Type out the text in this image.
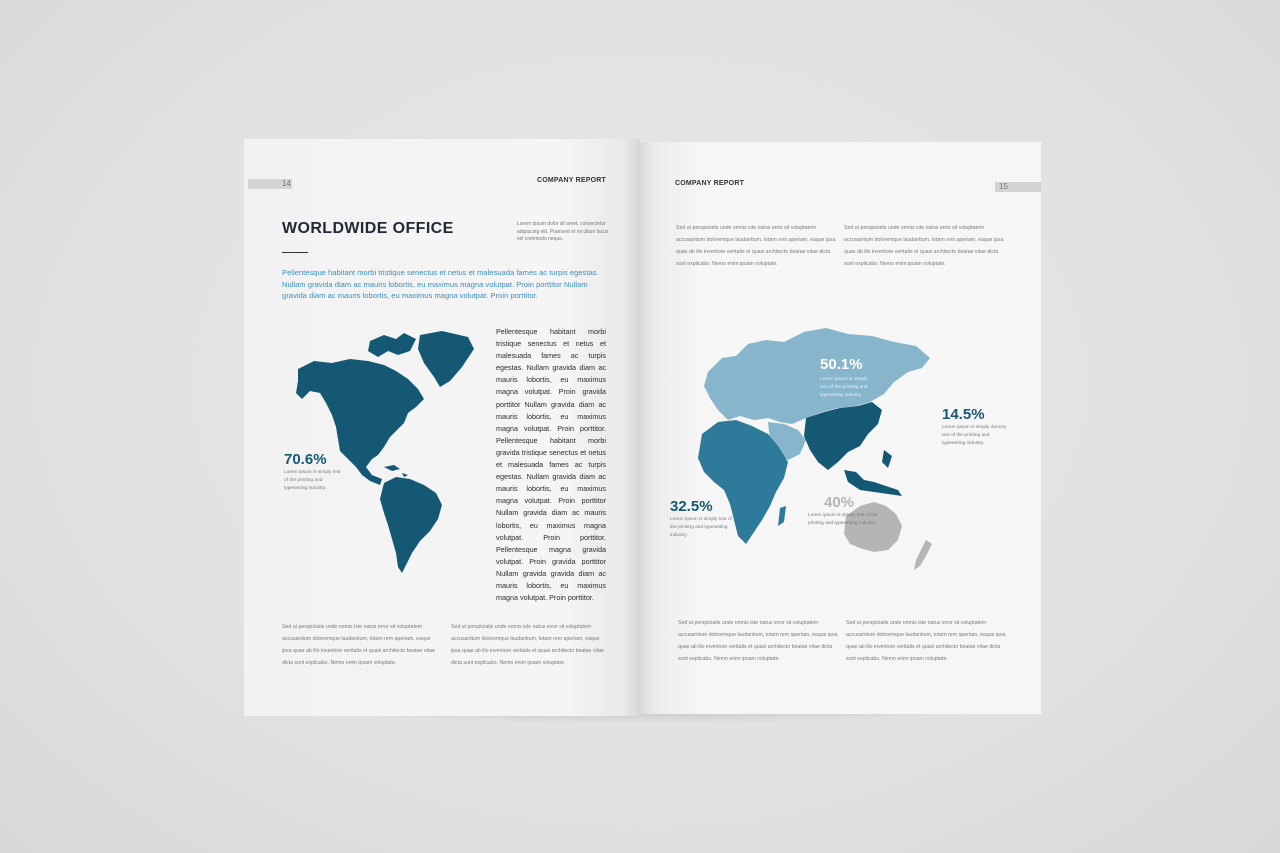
14	COMPANY REPORT
WORLDWIDE OFFICE	Lorem ipsum dolor sit amet, consectetur adipiscing elit. Praesent et mi ullum lacus vel commodo neque.
Pellentesque habitant morbi tristique senectus et netus et malesuada fames ac turpis egestas. Nullam gravida diam ac mauris lobortis, eu maximus magna volutpat. Proin porttitor Nullam gravida diam ac mauris lobortis, eu maximus magna volutpat. Proin porttitor.
70.6%
Lorem ipsum is simply text of the printing and typesetting industry.
Pellentesque habitant morbi tristique senectus et netus et malesuada fames ac turpis egestas. Nullam gravida diam ac mauris lobortis, eu maximus magna volutpat. Proin gravida porttitor Nullam gravida diam ac mauris lobortis, eu maximus magna volutpat. Proin porttitor. Pellentesque habitant morbi gravida tristique senectus et netus et malesuada fames ac turpis egestas. Nullam gravida diam ac mauris lobortis, eu maximus magna volutpat. Proin porttitor Nullam gravida diam ac mauris lobortis, eu maximus magna volutpat. Proin porttitor. Pellentesque magna gravida volutpat. Proin gravida porttitor Nullam gravida gravida diam ac mauris lobortis, eu maximus magna volutpat. Proin porttitor.
Sed ut perspiciatis unde omnis iste natus error sit voluptatem accusantium doloremque laudantium, totam rem aperiam, eaque ipsa quae ab illo inventore veritatis et quasi architecto beatae vitae dicta sunt explicabo. Nemo enim ipsam voluptate.
Sed ut perspiciatis unde omnis iste natus error sit voluptatem accusantium doloremque laudantium, totam rem aperiam, eaque ipsa quae ab illo inventore veritatis et quasi architecto beatae vitae dicta sunt explicabo. Nemo enim ipsam voluptate.
15
COMPANY REPORT
Sed ut perspiciatis unde omnis iste natus error sit voluptatem accusantium doloremque laudantium, totam rem aperiam, eaque ipsa quae ab illo inventore veritatis et quasi architecto beatae vitae dicta sunt explicabo. Nemo enim ipsam voluptate.
Sed ut perspiciatis unde omnis iste natus error sit voluptatem accusantium doloremque laudantium, totam rem aperiam, eaque ipsa quae ab illo inventore veritatis et quasi architecto beatae vitae dicta sunt explicabo. Nemo enim ipsam voluptate.
50.1%
Lorem ipsum is simply text of the printing and typesetting industry.
14.5%
Lorem ipsum is simply dummy text of the printing and typesetting industry.
32.5%
Lorem ipsum is simply text of the printing and typesetting industry.
40%
Lorem ipsum is simply text of the printing and typesetting industry.
Sed ut perspiciatis unde omnis iste natus error sit voluptatem accusantium doloremque laudantium, totam rem aperiam, eaque ipsa quae ab illo inventore veritatis et quasi architecto beatae vitae dicta sunt explicabo. Nemo enim ipsam voluptate.
Sed ut perspiciatis unde omnis iste natus error sit voluptatem accusantium doloremque laudantium, totam rem aperiam, eaque ipsa quae ab illo inventore veritatis et quasi architecto beatae vitae dicta sunt explicabo. Nemo enim ipsam voluptate.
